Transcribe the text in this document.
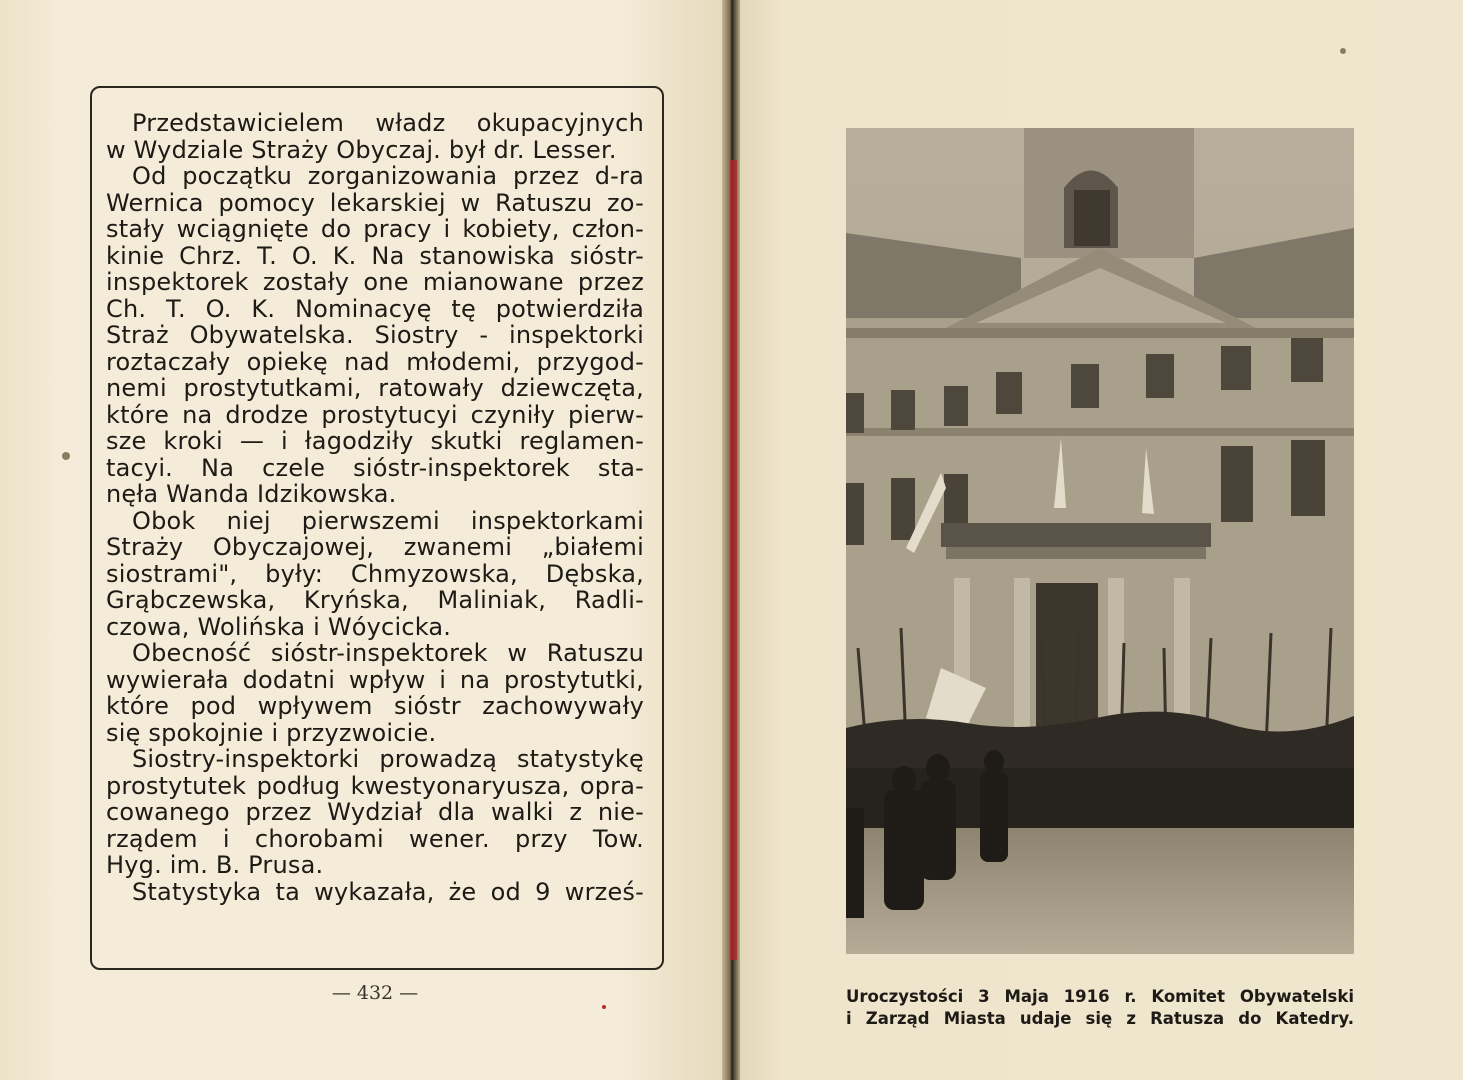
Przedstawicielem władz okupacyjnych
w Wydziale Straży Obyczaj. był dr. Lesser.
Od początku zorganizowania przez d-ra
Wernica pomocy lekarskiej w Ratuszu zo-
stały wciągnięte do pracy i kobiety, człon-
kinie Chrz. T. O. K. Na stanowiska sióstr-
inspektorek zostały one mianowane przez
Ch. T. O. K. Nominacyę tę potwierdziła
Straż Obywatelska. Siostry - inspektorki
roztaczały opiekę nad młodemi, przygod-
nemi prostytutkami, ratowały dziewczęta,
które na drodze prostytucyi czyniły pierw-
sze kroki — i łagodziły skutki reglamen-
tacyi. Na czele siόstr-inspektorek sta-
nęła Wanda Idzikowska.
Obok niej pierwszemi inspektorkami
Straży Obyczajowej, zwanemi „białemi
siostrami", były: Chmyzowska, Dębska,
Grąbczewska, Kryńska, Maliniak, Radli-
czowa, Wolińska i Wόycicka.
Obecność siόstr-inspektorek w Ratuszu
wywierała dodatni wpływ i na prostytutki,
które pod wpływem siόstr zachowywały
się spokojnie i przyzwoicie.
Siostry-inspektorki prowadzą statystykę
prostytutek podług kwestyonaryusza, opra-
cowanego przez Wydział dla walki z nie-
rządem i chorobami wener. przy Tow.
Hyg. im. B. Prusa.
Statystyka ta wykazała, że od 9 wrześ-
— 432 —	Uroczystości 3 Maja 1916 r. Komitet Obywatelski
i Zarząd Miasta udaje się z Ratusza do Katedry.
